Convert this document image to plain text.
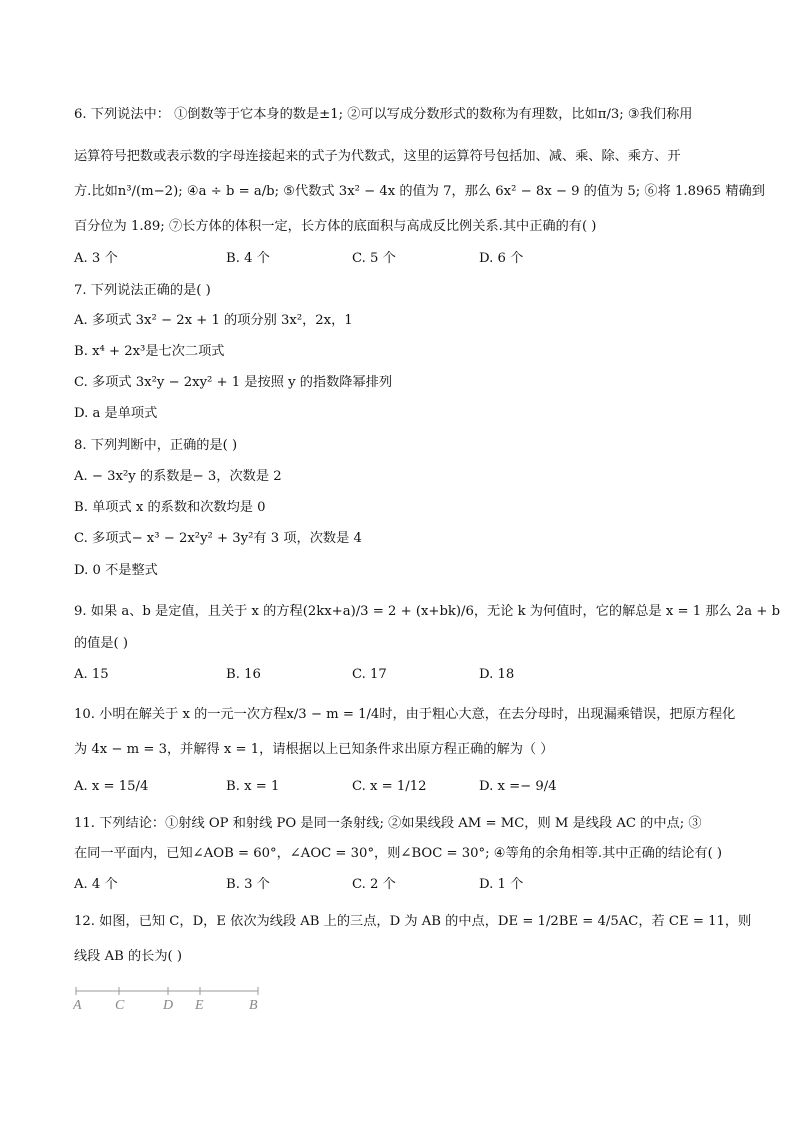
6. 下列说法中： ①倒数等于它本身的数是±1; ②可以写成分数形式的数称为有理数，比如π/3; ③我们称用
运算符号把数或表示数的字母连接起来的式子为代数式，这里的运算符号包括加、减、乘、除、乘方、开
方.比如n³/(m−2); ④a ÷ b = a/b; ⑤代数式 3x² − 4x 的值为 7，那么 6x² − 8x − 9 的值为 5; ⑥将 1.8965 精确到
百分位为 1.89; ⑦长方体的体积一定，长方体的底面积与高成反比例关系.其中正确的有( )
A. 3 个	B. 4 个	C. 5 个	D. 6 个
7. 下列说法正确的是( )
A. 多项式 3x² − 2x + 1 的项分别 3x²，2x，1
B. x⁴ + 2x³是七次二项式
C. 多项式 3x²y − 2xy² + 1 是按照 y 的指数降幂排列
D. a 是单项式
8. 下列判断中，正确的是( )
A. − 3x²y 的系数是− 3，次数是 2
B. 单项式 x 的系数和次数均是 0
C. 多项式− x³ − 2x²y² + 3y²有 3 项，次数是 4
D. 0 不是整式
9. 如果 a、b 是定值，且关于 x 的方程(2kx+a)/3 = 2 + (x+bk)/6，无论 k 为何值时，它的解总是 x = 1 那么 2a + b
的值是( )
A. 15	B. 16	C. 17	D. 18
10. 小明在解关于 x 的一元一次方程x/3 − m = 1/4时，由于粗心大意，在去分母时，出现漏乘错误，把原方程化
为 4x − m = 3，并解得 x = 1，请根据以上已知条件求出原方程正确的解为（ ）
A. x = 15/4	B. x = 1	C. x = 1/12	D. x =− 9/4
11. 下列结论：①射线 OP 和射线 PO 是同一条射线; ②如果线段 AM = MC，则 M 是线段 AC 的中点; ③
在同一平面内，已知∠AOB = 60°，∠AOC = 30°，则∠BOC = 30°; ④等角的余角相等.其中正确的结论有( )
A. 4 个	B. 3 个	C. 2 个	D. 1 个
12. 如图，已知 C，D，E 依次为线段 AB 上的三点，D 为 AB 的中点，DE = 1/2BE = 4/5AC，若 CE = 11，则
线段 AB 的长为( )
A C	D E	B
